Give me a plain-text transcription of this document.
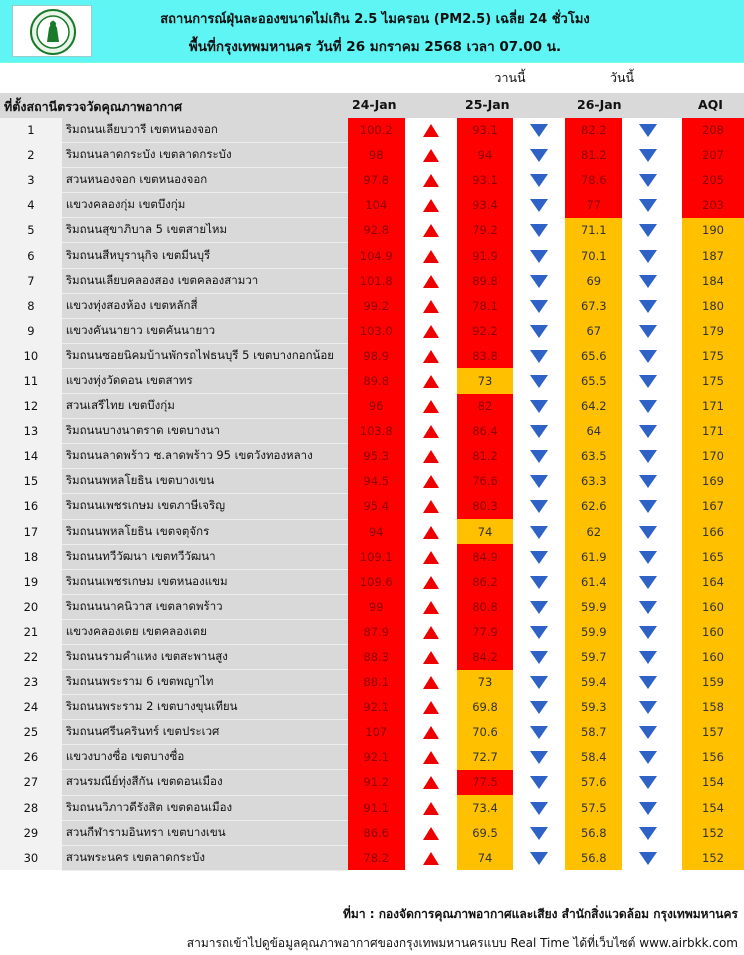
สถานการณ์ฝุ่นละอองขนาดไม่เกิน 2.5 ไมครอน (PM2.5) เฉลี่ย 24 ชั่วโมง
พื้นที่กรุงเทพมหานคร วันที่ 26 มกราคม 2568 เวลา 07.00 น.
วานนี้	วันนี้
ที่ตั้งสถานีตรวจวัดคุณภาพอากาศ	24-Jan	25-Jan	26-Jan	AQI
1	ริมถนนเลียบวารี เขตหนองจอก	100.2		93.1		82.2			208
2	ริมถนนลาดกระบัง เขตลาดกระบัง	98		94		81.2			207
3	สวนหนองจอก เขตหนองจอก	97.8		93.1		78.6			205
4	แขวงคลองกุ่ม เขตบึงกุ่ม	104		93.4		77			203
5	ริมถนนสุขาภิบาล 5 เขตสายไหม	92.8		79.2		71.1			190
6	ริมถนนสีหบุรานุกิจ เขตมีนบุรี	104.9		91.9		70.1			187
7	ริมถนนเลียบคลองสอง เขตคลองสามวา	101.8		89.8		69			184
8	แขวงทุ่งสองห้อง เขตหลักสี่	99.2		78.1		67.3			180
9	แขวงคันนายาว เขตคันนายาว	103.0		92.2		67			179
10	ริมถนนซอยนิคมบ้านพักรถไฟธนบุรี 5 เขตบางกอกน้อย	98.9		83.8		65.6			175
11	แขวงทุ่งวัดดอน เขตสาทร	89.8		73		65.5			175
12	สวนเสรีไทย เขตบึงกุ่ม	96		82		64.2			171
13	ริมถนนบางนาตราด เขตบางนา	103.8		86.4		64			171
14	ริมถนนลาดพร้าว ซ.ลาดพร้าว 95 เขตวังทองหลาง	95.3		81.2		63.5			170
15	ริมถนนพหลโยธิน เขตบางเขน	94.5		76.6		63.3			169
16	ริมถนนเพชรเกษม เขตภาษีเจริญ	95.4		80.3		62.6			167
17	ริมถนนพหลโยธิน เขตจตุจักร	94		74		62			166
18	ริมถนนทวีวัฒนา เขตทวีวัฒนา	109.1		84.9		61.9			165
19	ริมถนนเพชรเกษม เขตหนองแขม	109.6		86.2		61.4			164
20	ริมถนนนาคนิวาส เขตลาดพร้าว	99		80.8		59.9			160
21	แขวงคลองเตย เขตคลองเตย	87.9		77.9		59.9			160
22	ริมถนนรามคำแหง เขตสะพานสูง	88.3		84.2		59.7			160
23	ริมถนนพระราม 6 เขตพญาไท	88.1		73		59.4			159
24	ริมถนนพระราม 2 เขตบางขุนเทียน	92.1		69.8		59.3			158
25	ริมถนนศรีนครินทร์ เขตประเวศ	107		70.6		58.7			157
26	แขวงบางซื่อ เขตบางซื่อ	92.1		72.7		58.4			156
27	สวนรมณีย์ทุ่งสีกัน เขตดอนเมือง	91.2		77.5		57.6			154
28	ริมถนนวิภาวดีรังสิต เขตดอนเมือง	91.1		73.4		57.5			154
29	สวนกีฬารามอินทรา เขตบางเขน	86.6		69.5		56.8			152
30	สวนพระนคร เขตลาดกระบัง	78.2		74		56.8			152
ที่มา : กองจัดการคุณภาพอากาศและเสียง สำนักสิ่งแวดล้อม กรุงเทพมหานคร
สามารถเข้าไปดูข้อมูลคุณภาพอากาศของกรุงเทพมหานครแบบ Real Time ได้ที่เว็บไซต์ www.airbkk.com
